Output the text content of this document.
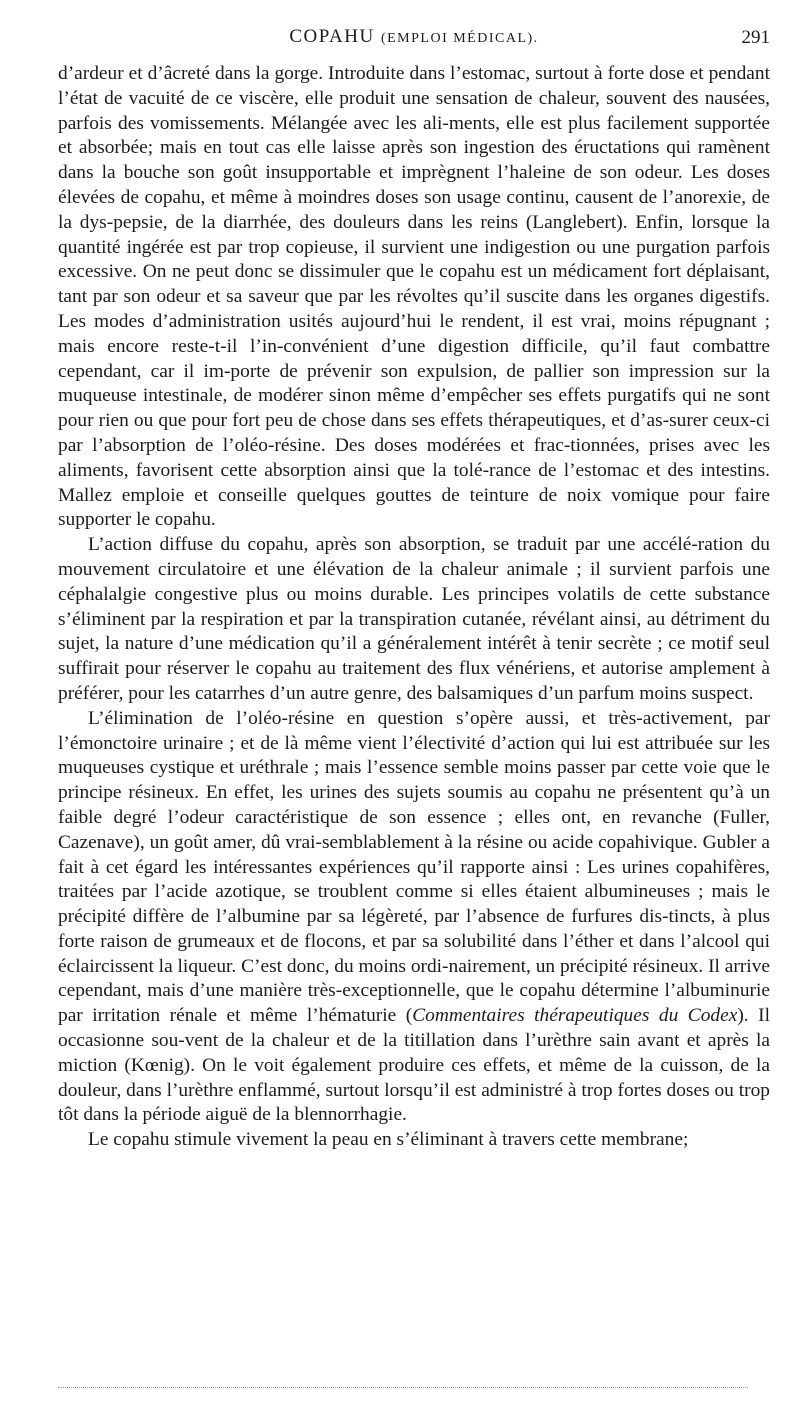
COPAHU (EMPLOI MÉDICAL).	291

d’ardeur et d’âcreté dans la gorge. Introduite dans l’estomac, surtout à forte dose et pendant l’état de vacuité de ce viscère, elle produit une sensation de chaleur, souvent des nausées, parfois des vomissements. Mélangée avec les ali-ments, elle est plus facilement supportée et absorbée; mais en tout cas elle laisse après son ingestion des éructations qui ramènent dans la bouche son goût insupportable et imprègnent l’haleine de son odeur. Les doses élevées de copahu, et même à moindres doses son usage continu, causent de l’anorexie, de la dys-pepsie, de la diarrhée, des douleurs dans les reins (Langlebert). Enfin, lorsque la quantité ingérée est par trop copieuse, il survient une indigestion ou une purgation parfois excessive. On ne peut donc se dissimuler que le copahu est un médicament fort déplaisant, tant par son odeur et sa saveur que par les révoltes qu’il suscite dans les organes digestifs. Les modes d’administration usités aujourd’hui le rendent, il est vrai, moins répugnant ; mais encore reste-t-il l’in-convénient d’une digestion difficile, qu’il faut combattre cependant, car il im-porte de prévenir son expulsion, de pallier son impression sur la muqueuse intestinale, de modérer sinon même d’empêcher ses effets purgatifs qui ne sont pour rien ou que pour fort peu de chose dans ses effets thérapeutiques, et d’as-surer ceux-ci par l’absorption de l’oléo-résine. Des doses modérées et frac-tionnées, prises avec les aliments, favorisent cette absorption ainsi que la tolé-rance de l’estomac et des intestins. Mallez emploie et conseille quelques gouttes de teinture de noix vomique pour faire supporter le copahu.

L’action diffuse du copahu, après son absorption, se traduit par une accélé-ration du mouvement circulatoire et une élévation de la chaleur animale ; il survient parfois une céphalalgie congestive plus ou moins durable. Les principes volatils de cette substance s’éliminent par la respiration et par la transpiration cutanée, révélant ainsi, au détriment du sujet, la nature d’une médication qu’il a généralement intérêt à tenir secrète ; ce motif seul suffirait pour réserver le copahu au traitement des flux vénériens, et autorise amplement à préférer, pour les catarrhes d’un autre genre, des balsamiques d’un parfum moins suspect.

L’élimination de l’oléo-résine en question s’opère aussi, et très-activement, par l’émonctoire urinaire ; et de là même vient l’électivité d’action qui lui est attribuée sur les muqueuses cystique et uréthrale ; mais l’essence semble moins passer par cette voie que le principe résineux. En effet, les urines des sujets soumis au copahu ne présentent qu’à un faible degré l’odeur caractéristique de son essence ; elles ont, en revanche (Fuller, Cazenave), un goût amer, dû vrai-semblablement à la résine ou acide copahivique. Gubler a fait à cet égard les intéressantes expériences qu’il rapporte ainsi : Les urines copahifères, traitées par l’acide azotique, se troublent comme si elles étaient albumineuses ; mais le précipité diffère de l’albumine par sa légèreté, par l’absence de furfures dis-tincts, à plus forte raison de grumeaux et de flocons, et par sa solubilité dans l’éther et dans l’alcool qui éclaircissent la liqueur. C’est donc, du moins ordi-nairement, un précipité résineux. Il arrive cependant, mais d’une manière très-exceptionnelle, que le copahu détermine l’albuminurie par irritation rénale et même l’hématurie (Commentaires thérapeutiques du Codex). Il occasionne sou-vent de la chaleur et de la titillation dans l’urèthre sain avant et après la miction (Kœnig). On le voit également produire ces effets, et même de la cuisson, de la douleur, dans l’urèthre enflammé, surtout lorsqu’il est administré à trop fortes doses ou trop tôt dans la période aiguë de la blennorrhagie.

Le copahu stimule vivement la peau en s’éliminant à travers cette membrane;
